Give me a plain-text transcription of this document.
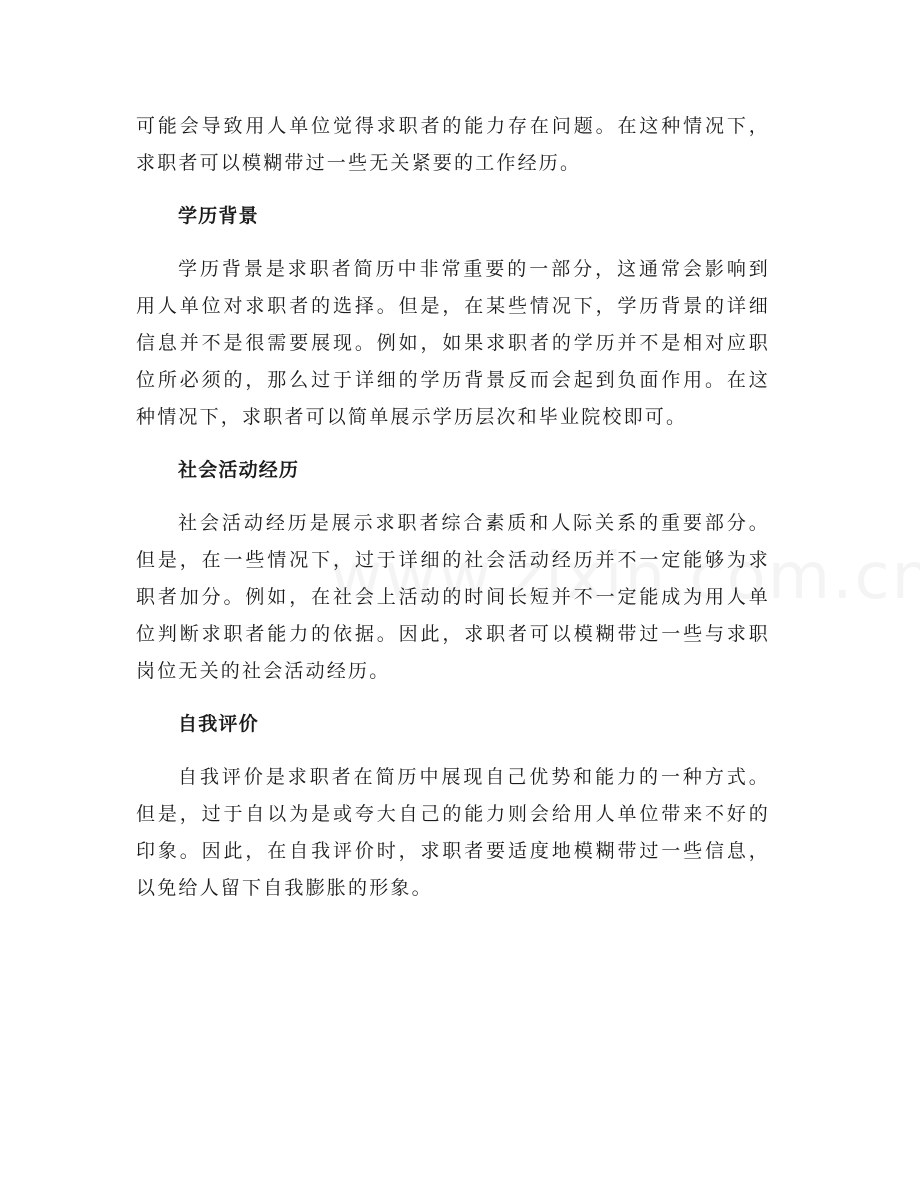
可能会导致用人单位觉得求职者的能力存在问题。在这种情况下，求职者可以模糊带过一些无关紧要的工作经历。

学历背景

学历背景是求职者简历中非常重要的一部分，这通常会影响到用人单位对求职者的选择。但是，在某些情况下，学历背景的详细信息并不是很需要展现。例如，如果求职者的学历并不是相对应职位所必须的，那么过于详细的学历背景反而会起到负面作用。在这种情况下，求职者可以简单展示学历层次和毕业院校即可。

社会活动经历

社会活动经历是展示求职者综合素质和人际关系的重要部分。但是，在一些情况下，过于详细的社会活动经历并不一定能够为求职者加分。例如，在社会上活动的时间长短并不一定能成为用人单位判断求职者能力的依据。因此，求职者可以模糊带过一些与求职岗位无关的社会活动经历。

自我评价

自我评价是求职者在简历中展现自己优势和能力的一种方式。但是，过于自以为是或夸大自己的能力则会给用人单位带来不好的印象。因此，在自我评价时，求职者要适度地模糊带过一些信息，以免给人留下自我膨胀的形象。
